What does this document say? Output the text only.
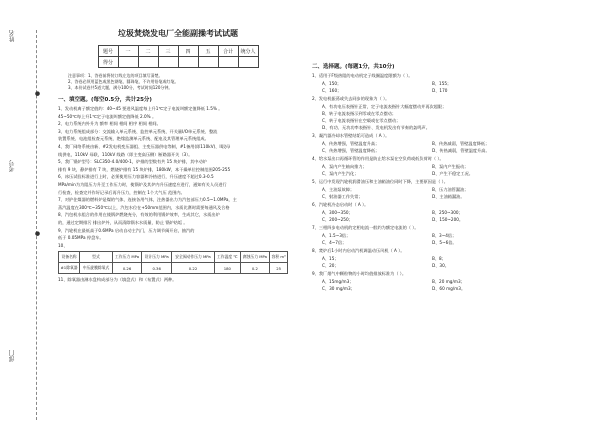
姓名
考号
部门
●
●
垃圾焚烧发电厂全能副操考试试题
题号	一	二	三	四	五	合计	统分人
得分							
注意事项：1、答卷前将装订线左边的项目填写清楚。
2、答卷必须用蓝色或黑色钢笔、圆珠笔，不许用铅笔或红笔。
3、本份试卷共5道大题，满分100分，考试时间120分钟。
一、填空题。(每空0.5分，共计25分)
1、发动机离子额定值约：40~45 要进风温度每上升1℃定子电流叫额定值降低 1.5% 。
45~50℃每上升1℃定子电流叫额定值降低 2.0% 。
2、电力系统内外升为 额率 相间 相间 相序 相间 相间。
3、电力系统组成部分：交流输入单元系统、监控单元系统、开关量I/O单元系统、整流
装置系统、电池组检查元系统、绝缘监测单元系统、配电及其管理单元系统组成。
4、我厂网络系统由新、#2发电机变压器组、主变压器供电等制，#1备用(即110kV)、II段母
线供电，110kV 母联，110kV 线路（即主变高压侧）断路器开关（3）。
5、我厂锅炉型号：SLC350-4.0/400-1，炉排的型数有共 15 块炉排，其中动炉
排有 9 块，静炉排有 7 块，燃烧炉排有 15 块炉排，180kW，本干燥单位控制范围205-255
6、冰压试验标准进行上时，必须使用压力容器和冷热进行，升压速度不超过0.3-0.5
MPa/min为为阻压力升至工作压力时，使锅炉及其炉内升压速度应进行，通知有关人员进行
行检查，检查完并作好记录后再升压力，控制在 1个大气压 范围内。
7、对护住煤器的燃料炉是煤的气体，连接各用气体，注热器出力为汽包部压力0.5~1.0MPa，主
蒸汽温度在300℃~350℃以上，汽包水位在+50mm范围内，水质比赛时需要每通风及合格
8、汽包机水组合的作用在使锅炉燃烧充分，有效的利用锅炉效率，生成其它，水质出炉
的，通过定期排污 排出炉外，从而清除锅水水质量，防止 锅炉结垢 。
9、汽轮机在最低高于0.6MPa 启动自动主汽门，压力调节阀开启，抽汽的
低于 0.05MPa 停盘车。
10、
设备名称	型式	工作压力 MPa	设计压力 MPa	安全阀动作压力 MPa	工作温度 ℃	腐蚀压力 MPa	容积 m³
#1除氧器	中压旋膜除氧式	0.26	0.36	0.22	180	0.2	25
11、除氧器由淋水盘构成部分为（填盘式）和（布置式）两种。
二、选择题。(每题1分，共10分)
1、适用于F级热阻的电动机定子线圈温度限额为（ ）。
A、150；	B、155；
C、160；	D、170
2、发电机振荡或失去同步的现象为（ ）。
A、有功电压表指针正常，定子电流表指针大幅度摆动并再次超限；
B、转子电流表指示到零或在零点摆动；
C、转子电流表指针在空载或在零点摆动；
D、有功、无功功率表指针、发电机发出有节奏的轰鸣声。
3、凝汽器冷却水管壁结垢可造成（ A ）。
A、传热增强，管壁温度升高；	B、传热减弱，管壁温度降低；
C、传热增强，管壁温度降低；	D、传热减弱，管壁温度升高。
4、给水泵出口再循环管的作用是防止给水泵在空负荷或低负荷时（ ）。
A、泵内产生轴向推力；	B、泵内产生振动；
C、泵内产生汽化；	D、产生不稳定工况。
5、运行中发现汽轮机润滑油压和主油箱油位同时下降，主要原因是（ ）。
A、主油泵故障；	B、压力油管漏油；
C、射油器工作失常；	D、主油箱漏油。
6、汽轮机冷态启动时（ A ）。
A、300~350；	B、250~300；
C、200~250；	D、150~200。
7、三相四步电动机的定相电流一般约为额定电流的（ ）。
A、1.5~3倍；	B、3~4倍；
C、4~7倍；	D、5~6倍。
8、焚炉后1小时内启动汽机调温动压风机（ A ）。
A、15；	B、8；
C、20；	D、30。
9、我厂烟气中颗粒物的小时均值排放标准为（ ）。
A、15mg/m3；	B、20 mg/m3；
C、30 mg/m3；	D、60 mg/m3。
